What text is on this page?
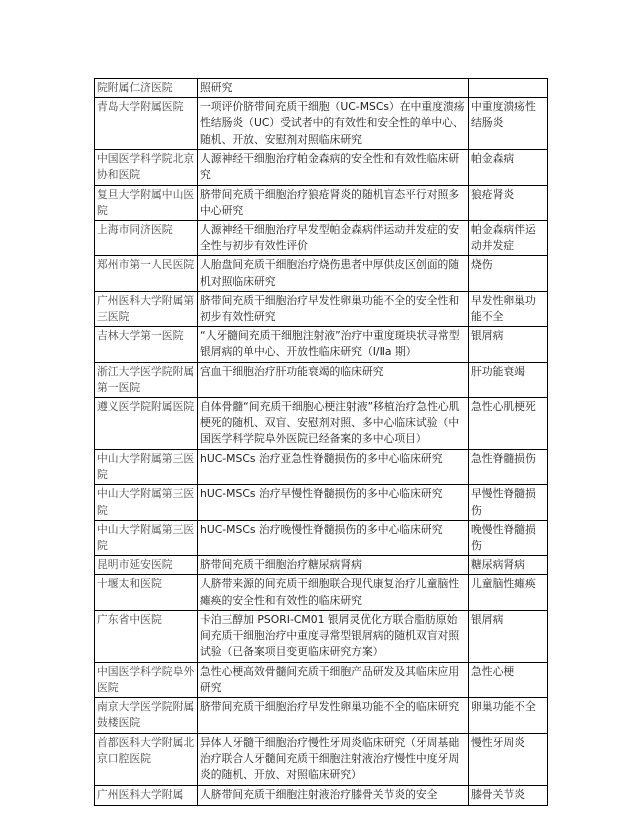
院附属仁济医院	照研究	
青岛大学附属医院	一项评价脐带间充质干细胞（UC-MSCs）在中重度溃疡性结肠炎（UC）受试者中的有效性和安全性的单中心、随机、开放、安慰剂对照临床研究	中重度溃疡性结肠炎
中国医学科学院北京协和医院	人源神经干细胞治疗帕金森病的安全性和有效性临床研究	帕金森病
复旦大学附属中山医院	脐带间充质干细胞治疗狼疮肾炎的随机盲态平行对照多中心研究	狼疮肾炎
上海市同济医院	人源神经干细胞治疗早发型帕金森病伴运动并发症的安全性与初步有效性评价	帕金森病伴运动并发症
郑州市第一人民医院	人胎盘间充质干细胞治疗烧伤患者中厚供皮区创面的随机对照临床研究	烧伤
广州医科大学附属第三医院	脐带间充质干细胞治疗早发性卵巢功能不全的安全性和初步有效性研究	早发性卵巢功能不全
吉林大学第一医院	“人牙髓间充质干细胞注射液”治疗中重度斑块状寻常型银屑病的单中心、开放性临床研究（Ⅰ/Ⅱa 期）	银屑病
浙江大学医学院附属第一医院	宫血干细胞治疗肝功能衰竭的临床研究	肝功能衰竭
遵义医学院附属医院	自体骨髓“间充质干细胞心梗注射液”移植治疗急性心肌梗死的随机、双盲、安慰剂对照、多中心临床试验（中国医学科学院阜外医院已经备案的多中心项目）	急性心肌梗死
中山大学附属第三医院	hUC-MSCs 治疗亚急性脊髓损伤的多中心临床研究	急性脊髓损伤
中山大学附属第三医院	hUC-MSCs 治疗早慢性脊髓损伤的多中心临床研究	早慢性脊髓损伤
中山大学附属第三医院	hUC-MSCs 治疗晚慢性脊髓损伤的多中心临床研究	晚慢性脊髓损伤
昆明市延安医院	脐带间充质干细胞治疗糖尿病肾病	糖尿病肾病
十堰太和医院	人脐带来源的间充质干细胞联合现代康复治疗儿童脑性瘫痪的安全性和有效性的临床研究	儿童脑性瘫痪
广东省中医院	卡泊三醇加 PSORI-CM01 银屑灵优化方联合脂肪原始间充质干细胞治疗中重度寻常型银屑病的随机双盲对照试验（已备案项目变更临床研究方案）	银屑病
中国医学科学院阜外医院	急性心梗高效骨髓间充质干细胞产品研发及其临床应用研究	急性心梗
南京大学医学院附属鼓楼医院	脐带间充质干细胞治疗早发性卵巢功能不全的临床研究	卵巢功能不全
首都医科大学附属北京口腔医院	异体人牙髓干细胞治疗慢性牙周炎临床研究（牙周基础治疗联合人牙髓间充质干细胞注射液治疗慢性中度牙周炎的随机、开放、对照临床研究）	慢性牙周炎
广州医科大学附属	人脐带间充质干细胞注射液治疗膝骨关节炎的安全	膝骨关节炎
